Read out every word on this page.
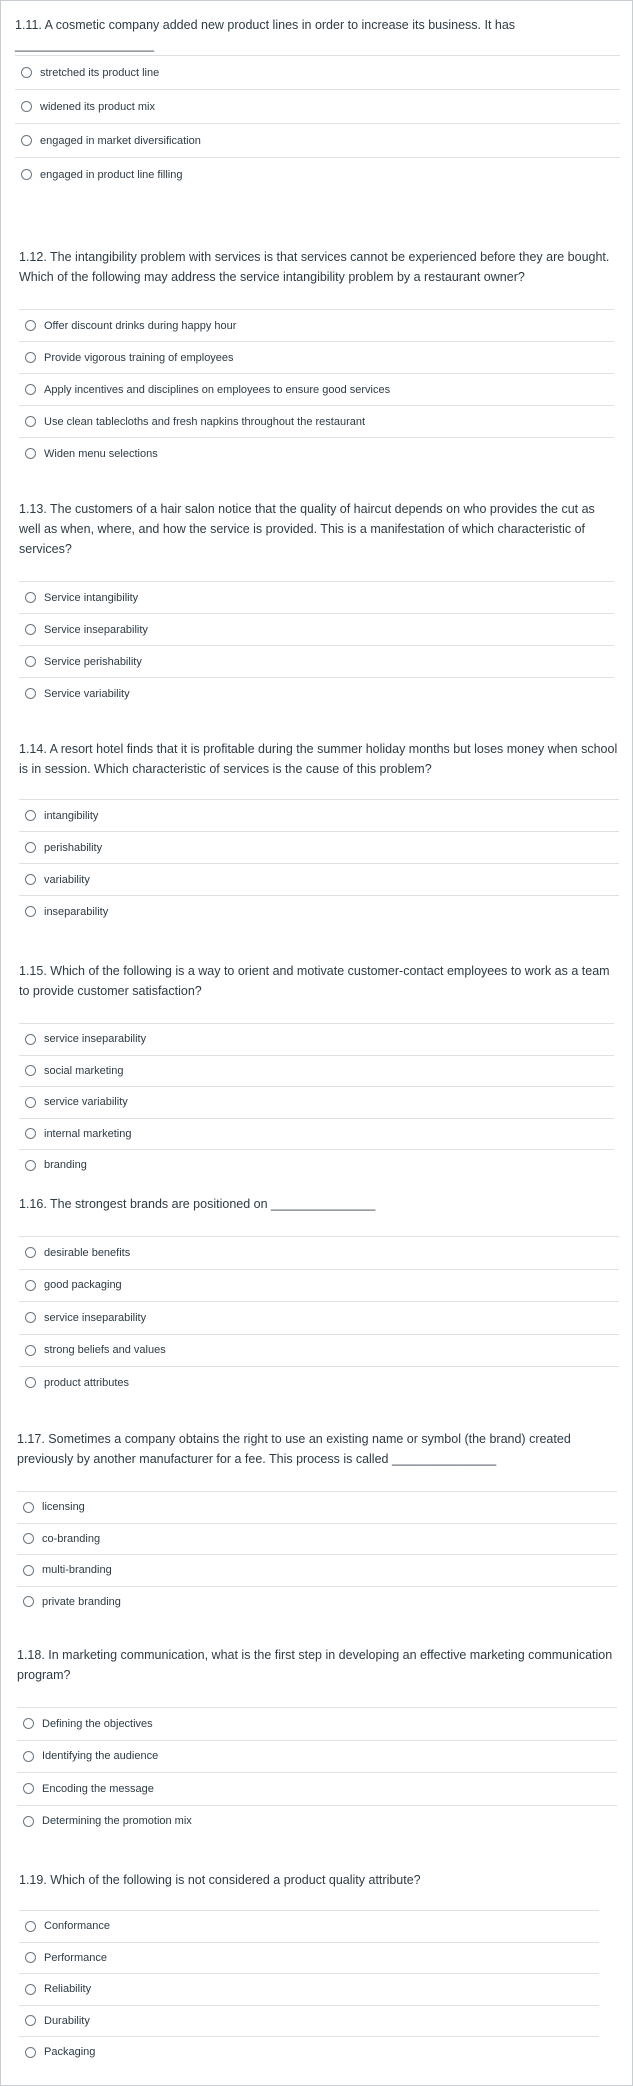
1.11. A cosmetic company added new product lines in order to increase its business. It has ____________________

stretched its product line
widened its product mix
engaged in market diversification
engaged in product line filling

1.12. The intangibility problem with services is that services cannot be experienced before they are bought. Which of the following may address the service intangibility problem by a restaurant owner?

Offer discount drinks during happy hour
Provide vigorous training of employees
Apply incentives and disciplines on employees to ensure good services
Use clean tablecloths and fresh napkins throughout the restaurant
Widen menu selections

1.13. The customers of a hair salon notice that the quality of haircut depends on who provides the cut as well as when, where, and how the service is provided. This is a manifestation of which characteristic of services?

Service intangibility
Service inseparability
Service perishability
Service variability

1.14. A resort hotel finds that it is profitable during the summer holiday months but loses money when school is in session. Which characteristic of services is the cause of this problem?

intangibility
perishability
variability
inseparability

1.15. Which of the following is a way to orient and motivate customer-contact employees to work as a team to provide customer satisfaction?

service inseparability
social marketing
service variability
internal marketing
branding

1.16. The strongest brands are positioned on _______________

desirable benefits
good packaging
service inseparability
strong beliefs and values
product attributes

1.17. Sometimes a company obtains the right to use an existing name or symbol (the brand) created previously by another manufacturer for a fee. This process is called _______________

licensing
co-branding
multi-branding
private branding

1.18. In marketing communication, what is the first step in developing an effective marketing communication program?

Defining the objectives
Identifying the audience
Encoding the message
Determining the promotion mix

1.19. Which of the following is not considered a product quality attribute?

Conformance
Performance
Reliability
Durability
Packaging
